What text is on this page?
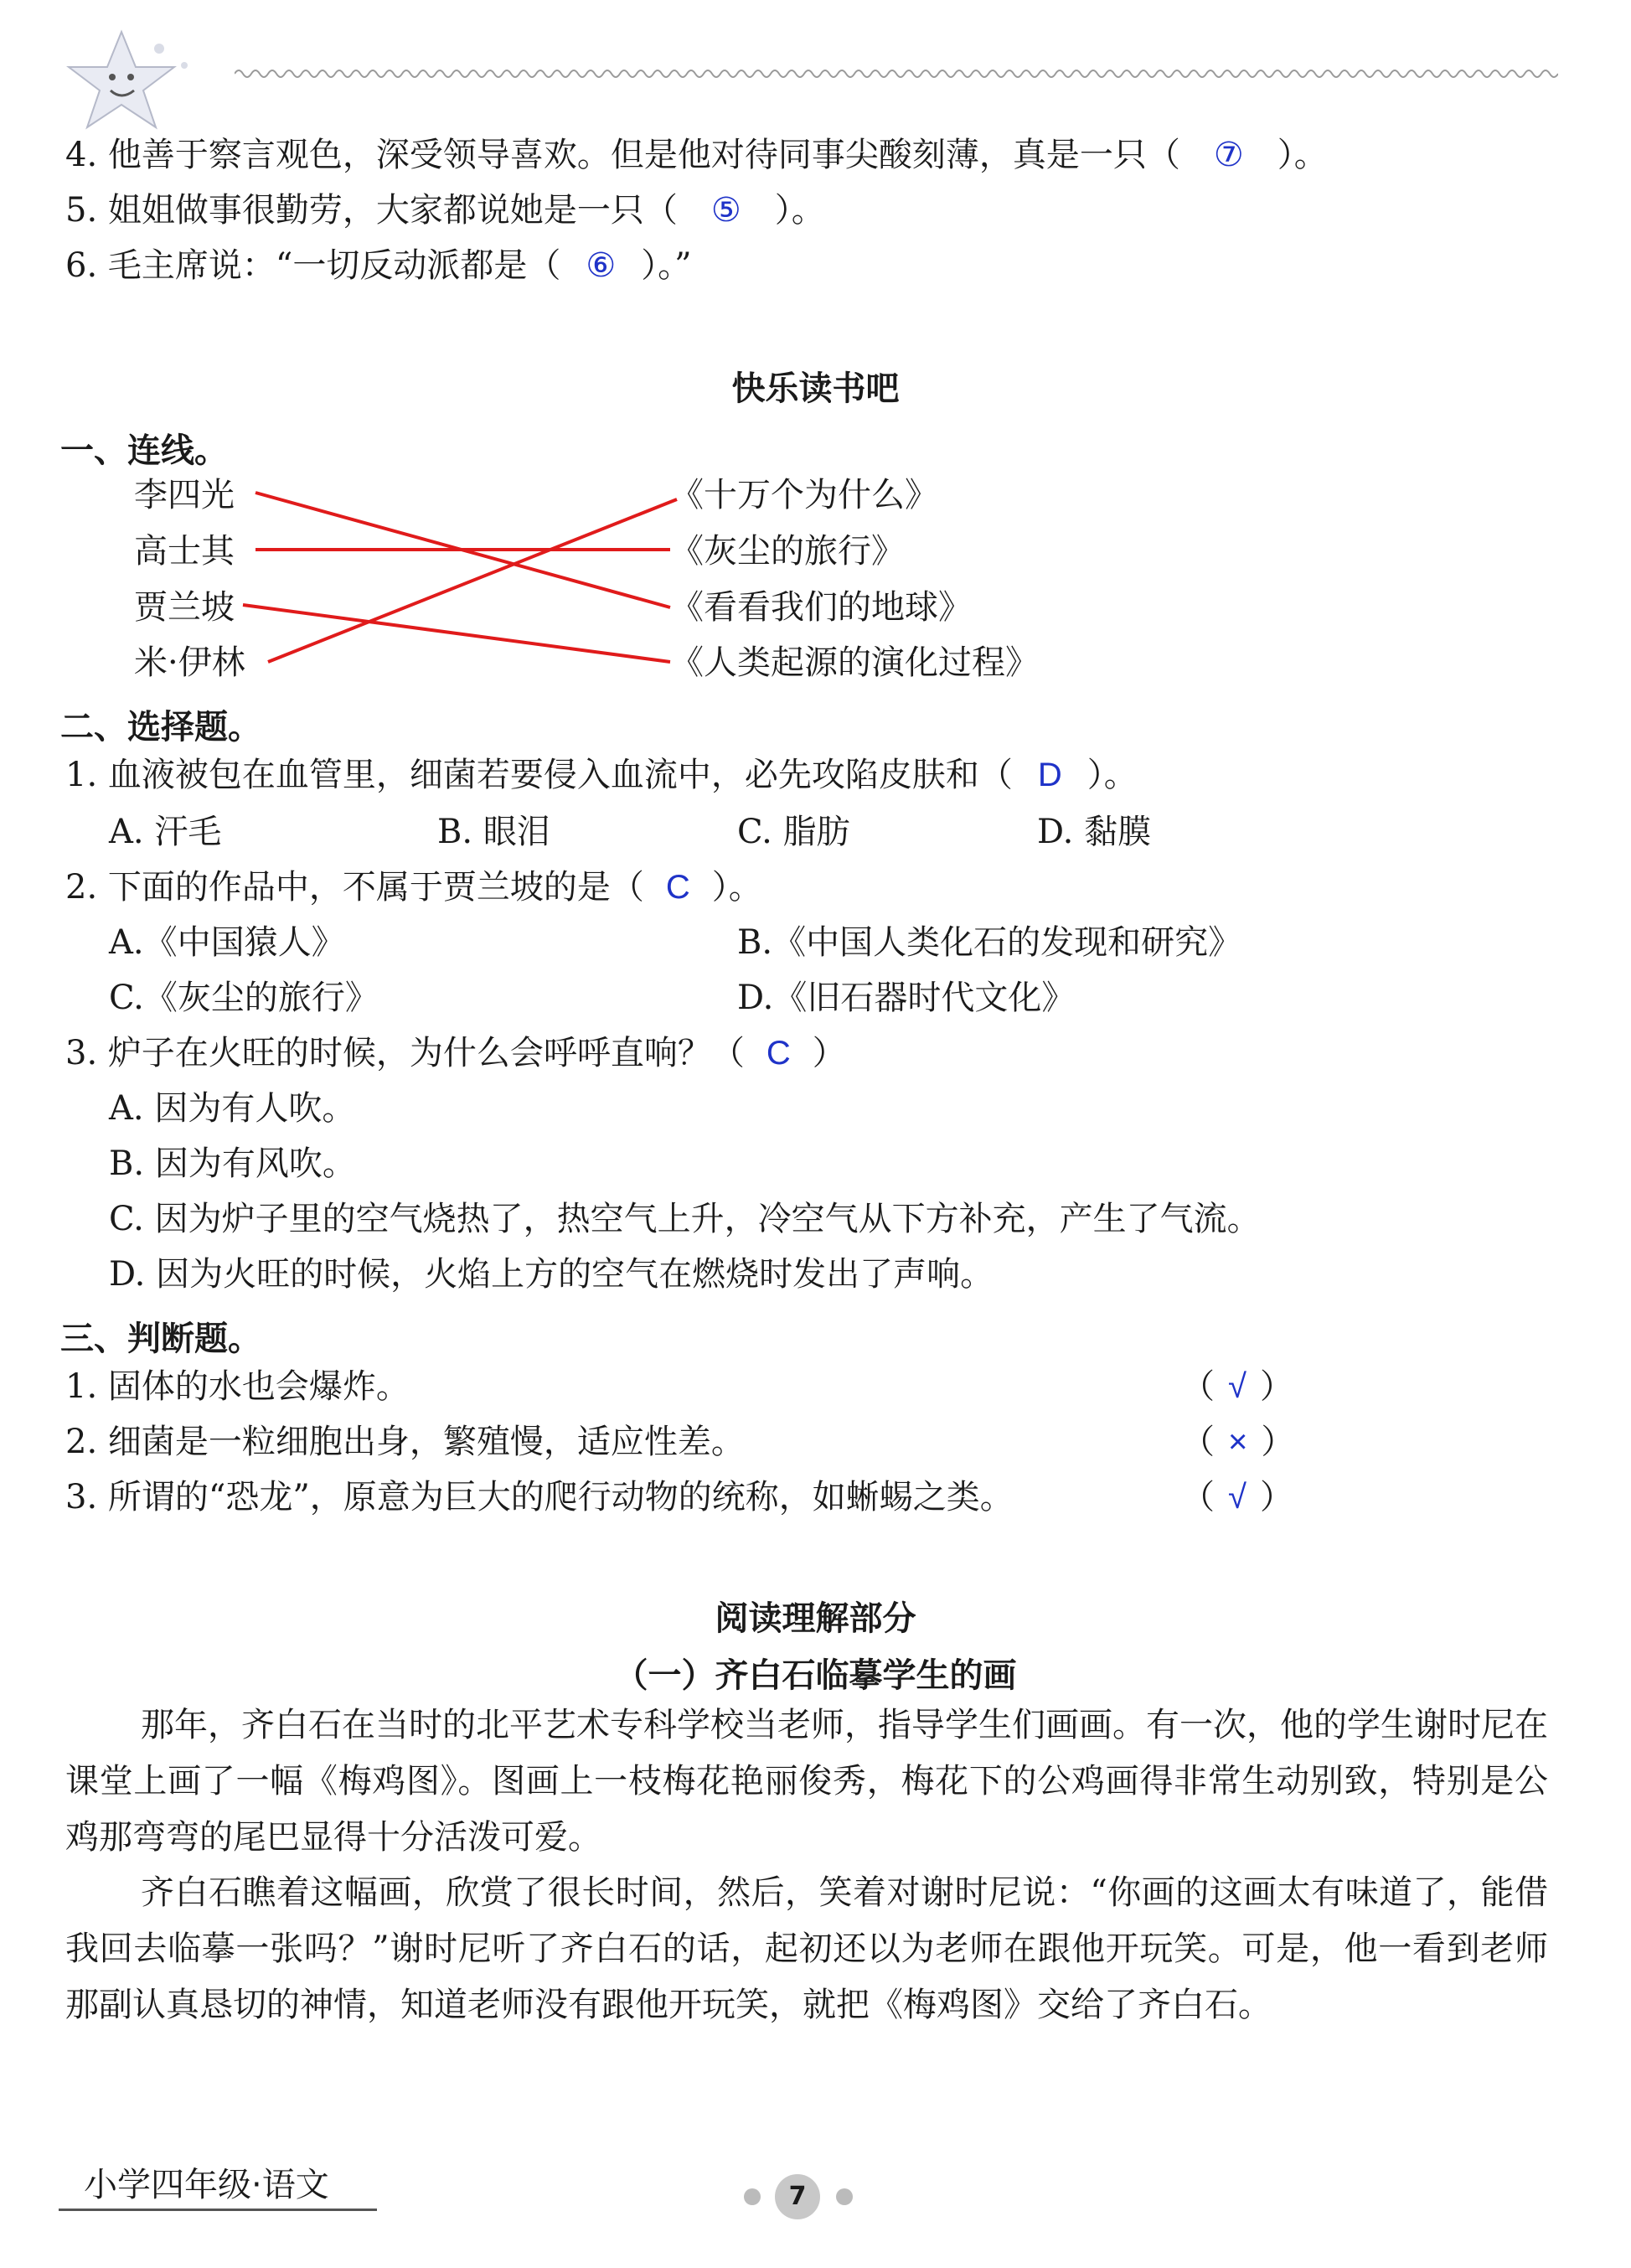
4. 他善于察言观色，深受领导喜欢。但是他对待同事尖酸刻薄，真是一只（ ⑦ ）。
5. 姐姐做事很勤劳，大家都说她是一只（ ⑤ ）。
6. 毛主席说：“一切反动派都是（ ⑥ ）。”
快乐读书吧
一、连线。
李四光
高士其
贾兰坡
米·伊林
《十万个为什么》
《灰尘的旅行》
《看看我们的地球》
《人类起源的演化过程》
二、选择题。
1. 血液被包在血管里，细菌若要侵入血流中，必先攻陷皮肤和（ D ）。
A. 汗毛	B. 眼泪	C. 脂肪	D. 黏膜
2. 下面的作品中，不属于贾兰坡的是（ C ）。
A.《中国猿人》	B.《中国人类化石的发现和研究》
C.《灰尘的旅行》	D.《旧石器时代文化》
3. 炉子在火旺的时候，为什么会呼呼直响？（ C ）
A. 因为有人吹。
B. 因为有风吹。
C. 因为炉子里的空气烧热了，热空气上升，冷空气从下方补充，产生了气流。
D. 因为火旺的时候，火焰上方的空气在燃烧时发出了声响。
三、判断题。
1. 固体的水也会爆炸。	（ √ ）
2. 细菌是一粒细胞出身，繁殖慢，适应性差。	（ × ）
3. 所谓的“恐龙”，原意为巨大的爬行动物的统称，如蜥蜴之类。	（ √ ）
阅读理解部分
（一）齐白石临摹学生的画

那年，齐白石在当时的北平艺术专科学校当老师，指导学生们画画。有一次，他的学生谢时尼在课堂上画了一幅《梅鸡图》。图画上一枝梅花艳丽俊秀，梅花下的公鸡画得非常生动别致，特别是公鸡那弯弯的尾巴显得十分活泼可爱。

齐白石瞧着这幅画，欣赏了很长时间，然后，笑着对谢时尼说：“你画的这画太有味道了，能借我回去临摹一张吗？”谢时尼听了齐白石的话，起初还以为老师在跟他开玩笑。可是，他一看到老师那副认真恳切的神情，知道老师没有跟他开玩笑，就把《梅鸡图》交给了齐白石。

小学四年级·语文	7
